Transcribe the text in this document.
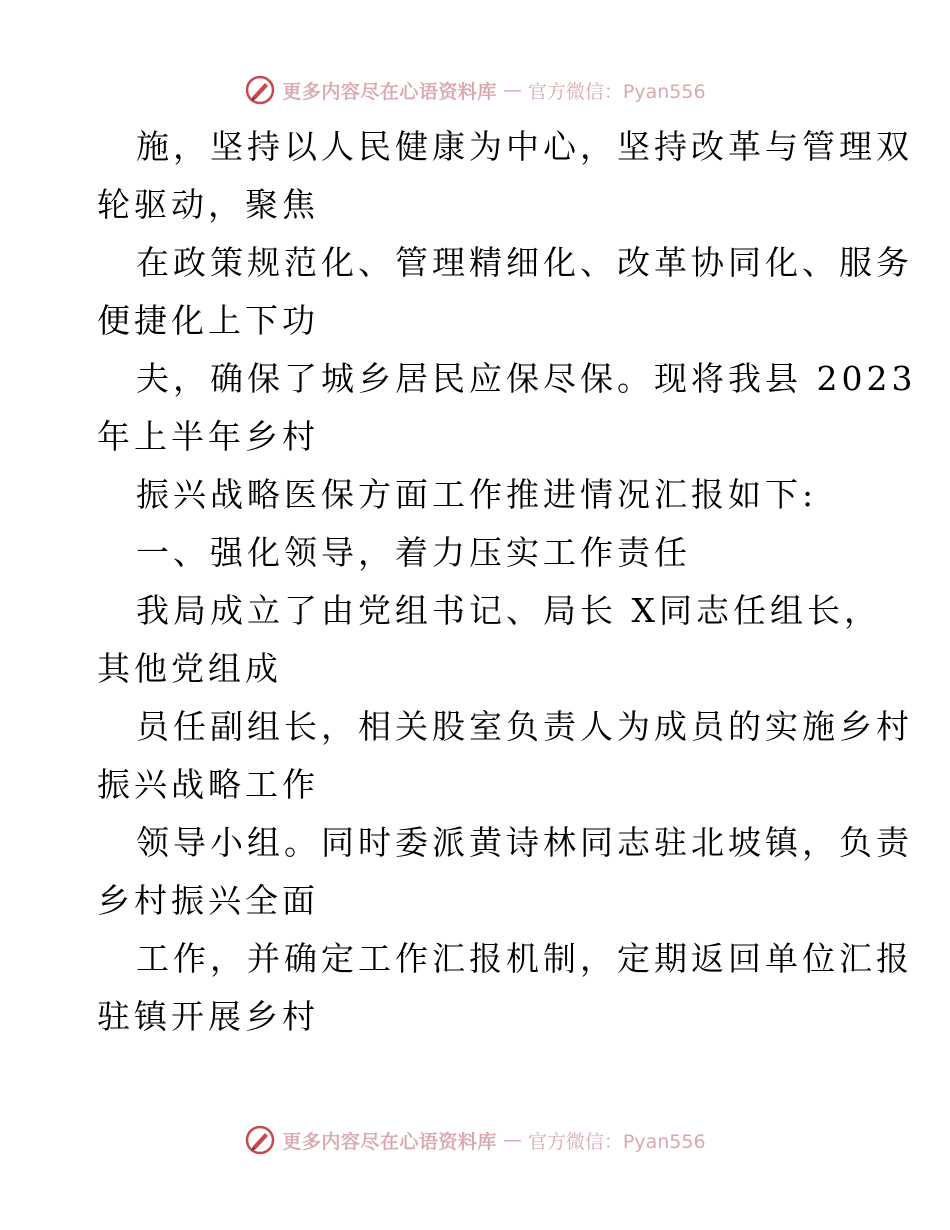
更多内容尽在心语资料库 — 官方微信：Pyan556
施，坚持以人民健康为中心，坚持改革与管理双
轮驱动，聚焦
在政策规范化、管理精细化、改革协同化、服务
便捷化上下功
夫，确保了城乡居民应保尽保。现将我县 2023
年上半年乡村
振兴战略医保方面工作推进情况汇报如下:
一、强化领导，着力压实工作责任
我局成立了由党组书记、局长 X同志任组长，
其他党组成
员任副组长，相关股室负责人为成员的实施乡村
振兴战略工作
领导小组。同时委派黄诗林同志驻北坡镇，负责
乡村振兴全面
工作，并确定工作汇报机制，定期返回单位汇报
驻镇开展乡村
更多内容尽在心语资料库 — 官方微信：Pyan556
